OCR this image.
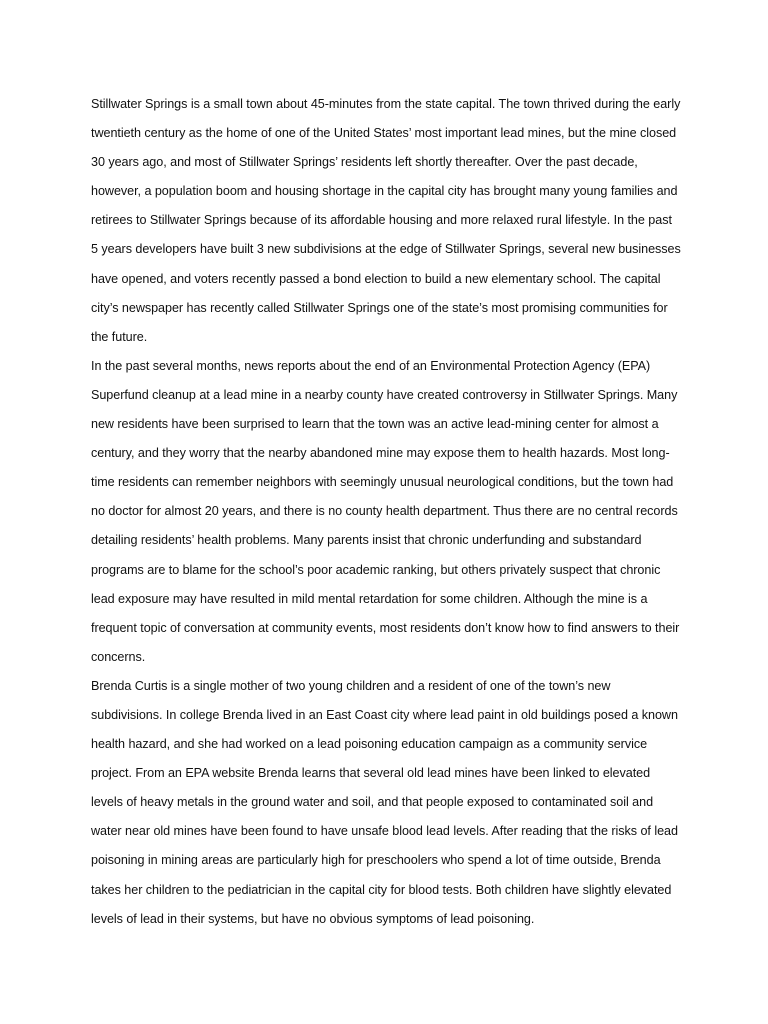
Stillwater Springs is a small town about 45-minutes from the state capital. The town thrived during the early twentieth century as the home of one of the United States’ most important lead mines, but the mine closed 30 years ago, and most of Stillwater Springs’ residents left shortly thereafter. Over the past decade, however, a population boom and housing shortage in the capital city has brought many young families and retirees to Stillwater Springs because of its affordable housing and more relaxed rural lifestyle. In the past 5 years developers have built 3 new subdivisions at the edge of Stillwater Springs, several new businesses have opened, and voters recently passed a bond election to build a new elementary school. The capital city’s newspaper has recently called Stillwater Springs one of the state’s most promising communities for the future.

In the past several months, news reports about the end of an Environmental Protection Agency (EPA) Superfund cleanup at a lead mine in a nearby county have created controversy in Stillwater Springs. Many new residents have been surprised to learn that the town was an active lead-mining center for almost a century, and they worry that the nearby abandoned mine may expose them to health hazards. Most long-time residents can remember neighbors with seemingly unusual neurological conditions, but the town had no doctor for almost 20 years, and there is no county health department. Thus there are no central records detailing residents’ health problems. Many parents insist that chronic underfunding and substandard programs are to blame for the school’s poor academic ranking, but others privately suspect that chronic lead exposure may have resulted in mild mental retardation for some children. Although the mine is a frequent topic of conversation at community events, most residents don’t know how to find answers to their concerns.

Brenda Curtis is a single mother of two young children and a resident of one of the town’s new subdivisions. In college Brenda lived in an East Coast city where lead paint in old buildings posed a known health hazard, and she had worked on a lead poisoning education campaign as a community service project. From an EPA website Brenda learns that several old lead mines have been linked to elevated levels of heavy metals in the ground water and soil, and that people exposed to contaminated soil and water near old mines have been found to have unsafe blood lead levels. After reading that the risks of lead poisoning in mining areas are particularly high for preschoolers who spend a lot of time outside, Brenda takes her children to the pediatrician in the capital city for blood tests. Both children have slightly elevated levels of lead in their systems, but have no obvious symptoms of lead poisoning.
